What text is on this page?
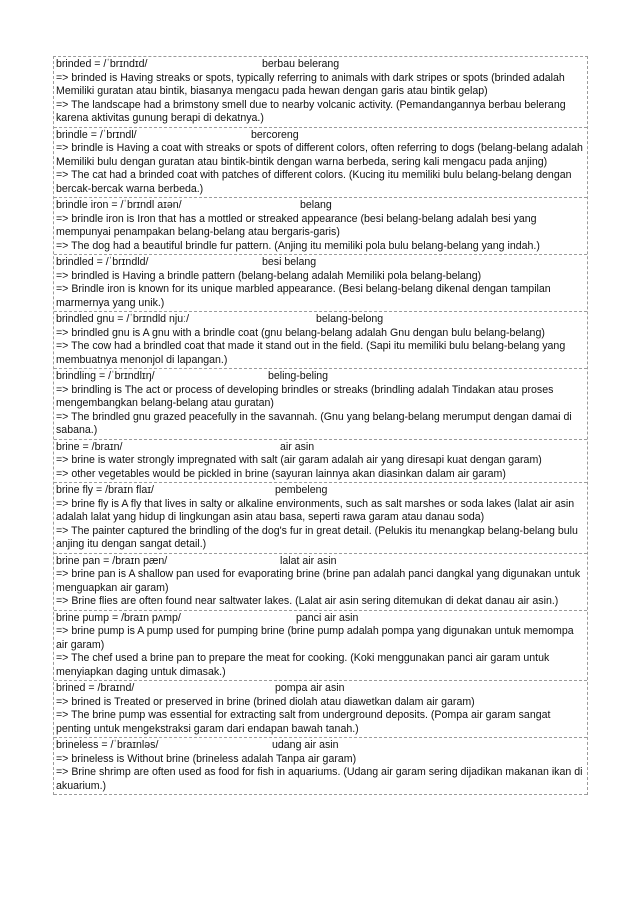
brinded = /ˈbrɪndɪd/	berbau belerang
=> brinded is Having streaks or spots, typically referring to animals with dark stripes or spots (brinded adalah Memiliki guratan atau bintik, biasanya mengacu pada hewan dengan garis atau bintik gelap)
=> The landscape had a brimstony smell due to nearby volcanic activity. (Pemandangannya berbau belerang karena aktivitas gunung berapi di dekatnya.)
brindle = /ˈbrɪndl/	bercoreng
=> brindle is Having a coat with streaks or spots of different colors, often referring to dogs (belang-belang adalah Memiliki bulu dengan guratan atau bintik-bintik dengan warna berbeda, sering kali mengacu pada anjing)
=> The cat had a brinded coat with patches of different colors. (Kucing itu memiliki bulu belang-belang dengan bercak-bercak warna berbeda.)
brindle iron = /ˈbrɪndl aɪən/	belang
=> brindle iron is Iron that has a mottled or streaked appearance (besi belang-belang adalah besi yang mempunyai penampakan belang-belang atau bergaris-garis)
=> The dog had a beautiful brindle fur pattern. (Anjing itu memiliki pola bulu belang-belang yang indah.)
brindled = /ˈbrɪndld/	besi belang
=> brindled is Having a brindle pattern (belang-belang adalah Memiliki pola belang-belang)
=> Brindle iron is known for its unique marbled appearance. (Besi belang-belang dikenal dengan tampilan marmernya yang unik.)
brindled gnu = /ˈbrɪndld njuː/	belang-belong
=> brindled gnu is A gnu with a brindle coat (gnu belang-belang adalah Gnu dengan bulu belang-belang)
=> The cow had a brindled coat that made it stand out in the field. (Sapi itu memiliki bulu belang-belang yang membuatnya menonjol di lapangan.)
brindling = /ˈbrɪndlɪŋ/	beling-beling
=> brindling is The act or process of developing brindles or streaks (brindling adalah Tindakan atau proses mengembangkan belang-belang atau guratan)
=> The brindled gnu grazed peacefully in the savannah. (Gnu yang belang-belang merumput dengan damai di sabana.)
brine = /braɪn/	air asin
=> brine is water strongly impregnated with salt (air garam adalah air yang diresapi kuat dengan garam)
=> other vegetables would be pickled in brine (sayuran lainnya akan diasinkan dalam air garam)
brine fly = /braɪn flaɪ/	pembeleng
=> brine fly is A fly that lives in salty or alkaline environments, such as salt marshes or soda lakes (lalat air asin adalah lalat yang hidup di lingkungan asin atau basa, seperti rawa garam atau danau soda)
=> The painter captured the brindling of the dog's fur in great detail. (Pelukis itu menangkap belang-belang bulu anjing itu dengan sangat detail.)
brine pan = /braɪn pæn/	lalat air asin
=> brine pan is A shallow pan used for evaporating brine (brine pan adalah panci dangkal yang digunakan untuk menguapkan air garam)
=> Brine flies are often found near saltwater lakes. (Lalat air asin sering ditemukan di dekat danau air asin.)
brine pump = /braɪn pʌmp/	panci air asin
=> brine pump is A pump used for pumping brine (brine pump adalah pompa yang digunakan untuk memompa air garam)
=> The chef used a brine pan to prepare the meat for cooking. (Koki menggunakan panci air garam untuk menyiapkan daging untuk dimasak.)
brined = /braɪnd/	pompa air asin
=> brined is Treated or preserved in brine (brined diolah atau diawetkan dalam air garam)
=> The brine pump was essential for extracting salt from underground deposits. (Pompa air garam sangat penting untuk mengekstraksi garam dari endapan bawah tanah.)
brineless = /ˈbraɪnləs/	udang air asin
=> brineless is Without brine (brineless adalah Tanpa air garam)
=> Brine shrimp are often used as food for fish in aquariums. (Udang air garam sering dijadikan makanan ikan di akuarium.)
